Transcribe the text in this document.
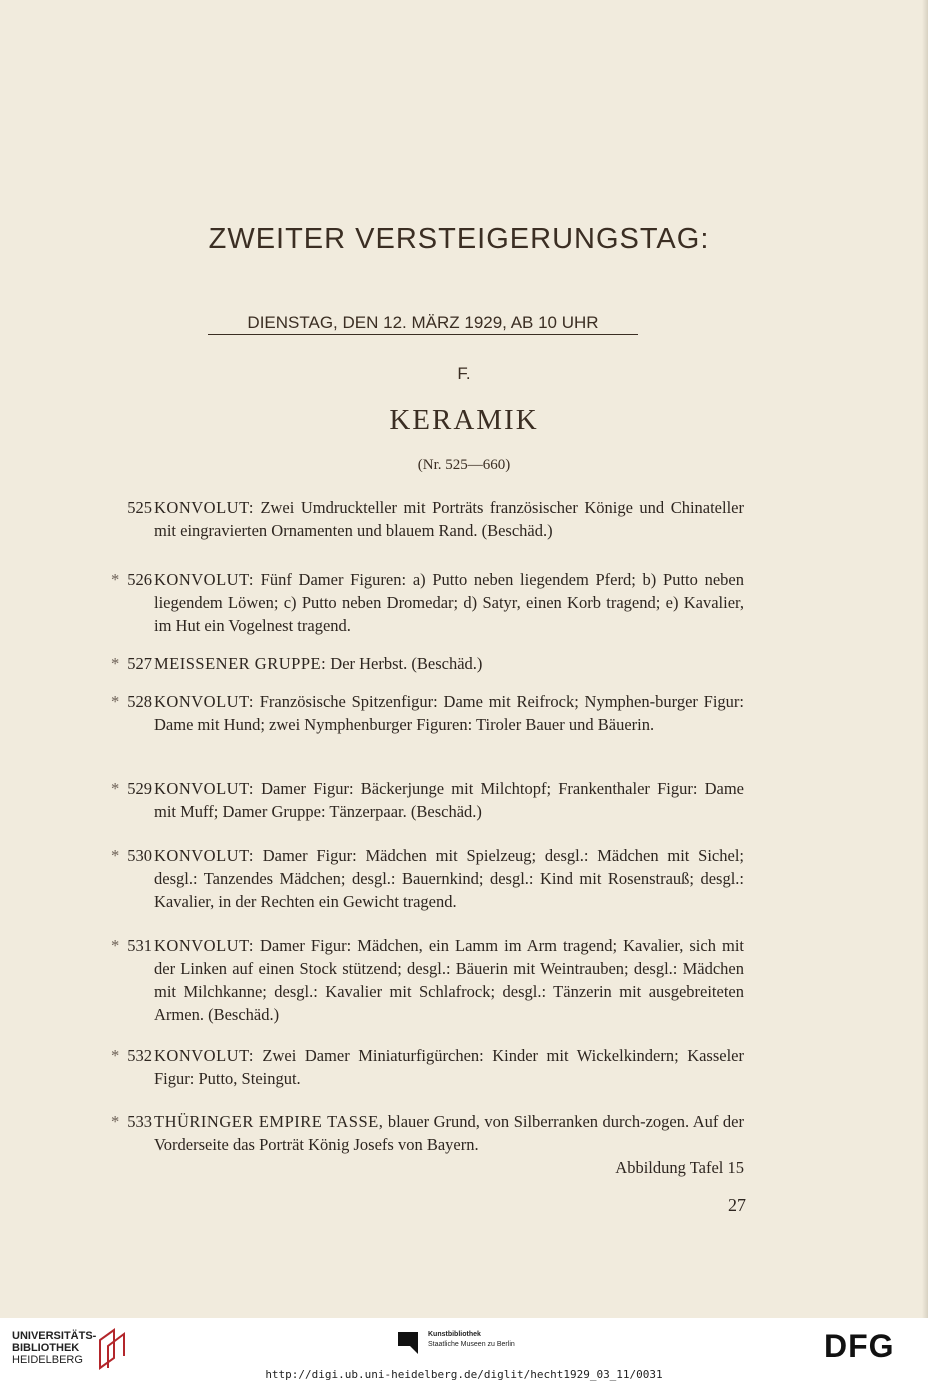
ZWEITER VERSTEIGERUNGSTAG:
DIENSTAG, DEN 12. MÄRZ 1929, AB 10 UHR
F.
KERAMIK
(Nr. 525—660)
525 KONVOLUT: Zwei Umdruckteller mit Porträts französischer Könige und Chinateller mit eingravierten Ornamenten und blauem Rand. (Beschäd.)
* 526 KONVOLUT: Fünf Damer Figuren: a) Putto neben liegendem Pferd; b) Putto neben liegendem Löwen; c) Putto neben Dromedar; d) Satyr, einen Korb tragend; e) Kavalier, im Hut ein Vogelnest tragend.
* 527 MEISSENER GRUPPE: Der Herbst. (Beschäd.)
* 528 KONVOLUT: Französische Spitzenfigur: Dame mit Reifrock; Nymphen-burger Figur: Dame mit Hund; zwei Nymphenburger Figuren: Tiroler Bauer und Bäuerin.
* 529 KONVOLUT: Damer Figur: Bäckerjunge mit Milchtopf; Frankenthaler Figur: Dame mit Muff; Damer Gruppe: Tänzerpaar. (Beschäd.)
* 530 KONVOLUT: Damer Figur: Mädchen mit Spielzeug; desgl.: Mädchen mit Sichel; desgl.: Tanzendes Mädchen; desgl.: Bauernkind; desgl.: Kind mit Rosenstrauß; desgl.: Kavalier, in der Rechten ein Gewicht tragend.
* 531 KONVOLUT: Damer Figur: Mädchen, ein Lamm im Arm tragend; Kavalier, sich mit der Linken auf einen Stock stützend; desgl.: Bäuerin mit Weintrauben; desgl.: Mädchen mit Milchkanne; desgl.: Kavalier mit Schlafrock; desgl.: Tänzerin mit ausgebreiteten Armen. (Beschäd.)
* 532 KONVOLUT: Zwei Damer Miniaturfigürchen: Kinder mit Wickelkindern; Kasseler Figur: Putto, Steingut.
* 533 THÜRINGER EMPIRE TASSE, blauer Grund, von Silberranken durch-zogen. Auf der Vorderseite das Porträt König Josefs von Bayern.
Abbildung Tafel 15
27
UNIVERSITÄTS-
BIBLIOTHEK
HEIDELBERG
Kunstbibliothek
Staatliche Museen zu Berlin	DFG
http://digi.ub.uni-heidelberg.de/diglit/hecht1929_03_11/0031
